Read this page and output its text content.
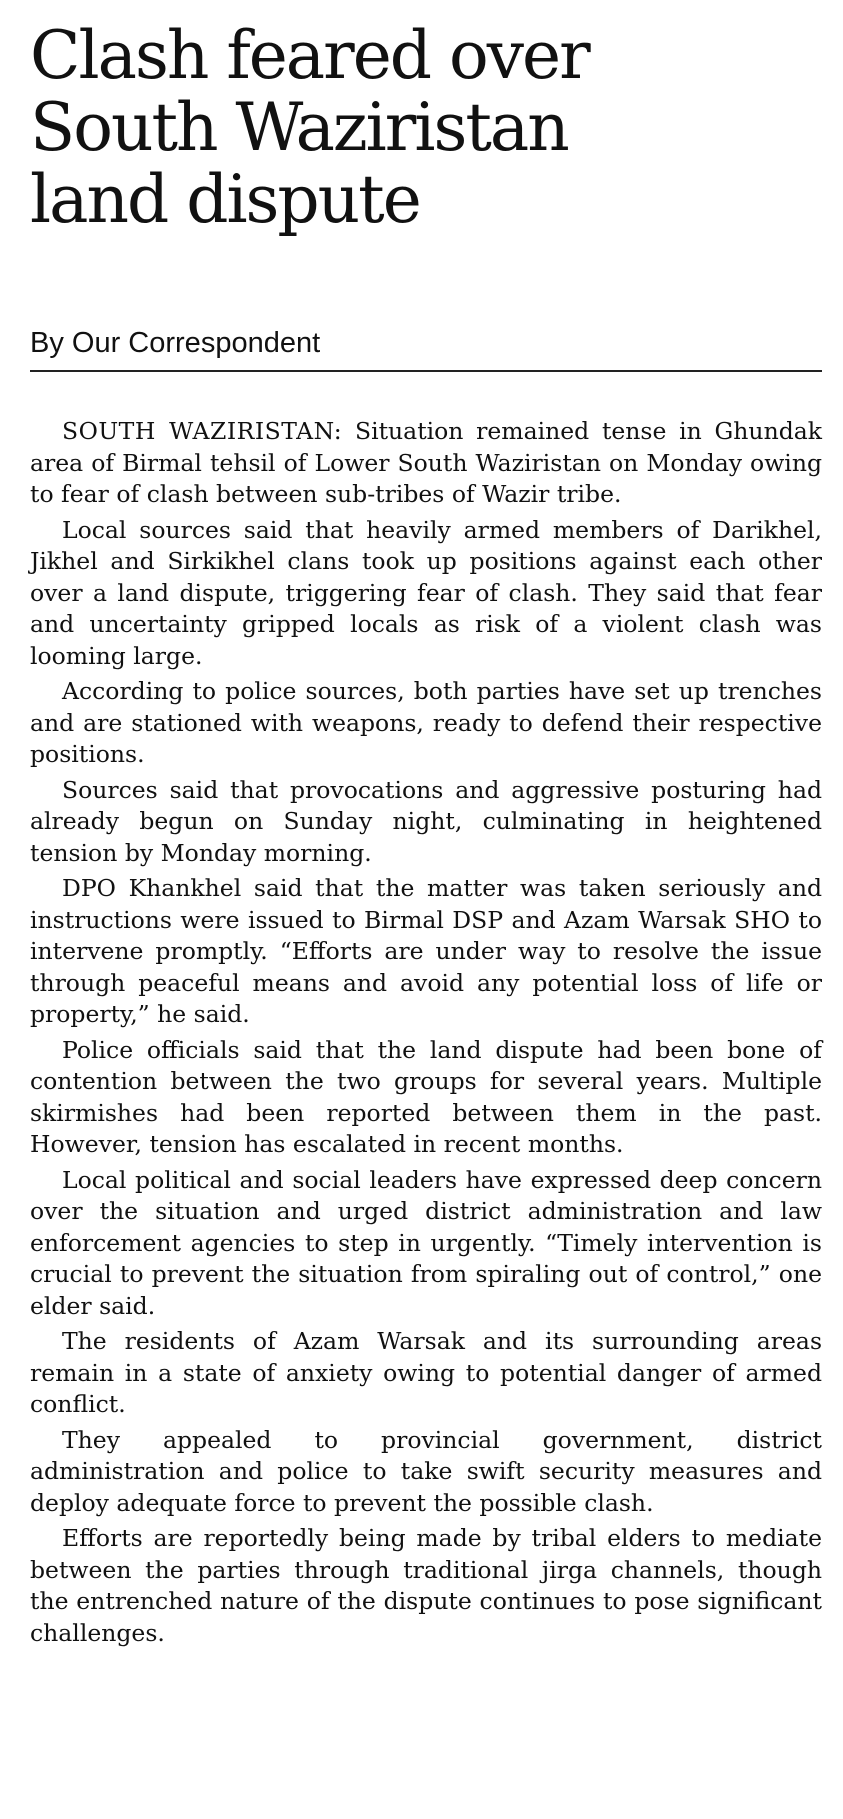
Clash feared over
South Waziristan
land dispute
By Our Correspondent

SOUTH WAZIRISTAN: Situation remained tense in Ghundak area of Birmal tehsil of Lower South Waziristan on Monday owing to fear of clash between sub-tribes of Wazir tribe.

Local sources said that heavily armed members of Darikhel, Jikhel and Sirkikhel clans took up positions against each other over a land dispute, triggering fear of clash. They said that fear and uncertainty gripped locals as risk of a violent clash was looming large.

According to police sources, both parties have set up trenches and are stationed with weapons, ready to defend their respective positions.

Sources said that provocations and aggressive posturing had already begun on Sunday night, culminating in heightened tension by Monday morning.

DPO Khankhel said that the matter was taken seriously and instructions were issued to Birmal DSP and Azam Warsak SHO to intervene promptly. “Efforts are under way to resolve the issue through peaceful means and avoid any potential loss of life or property,” he said.

Police officials said that the land dispute had been bone of contention between the two groups for several years. Multiple skirmishes had been reported between them in the past. However, tension has escalated in recent months.

Local political and social leaders have expressed deep concern over the situation and urged district administration and law enforcement agencies to step in urgently. “Timely intervention is crucial to prevent the situation from spiraling out of control,” one elder said.

The residents of Azam Warsak and its surrounding areas remain in a state of anxiety owing to potential danger of armed conflict.

They appealed to provincial government, district administration and police to take swift security measures and deploy adequate force to prevent the possible clash.

Efforts are reportedly being made by tribal elders to mediate between the parties through traditional jirga channels, though the entrenched nature of the dispute continues to pose significant challenges.
